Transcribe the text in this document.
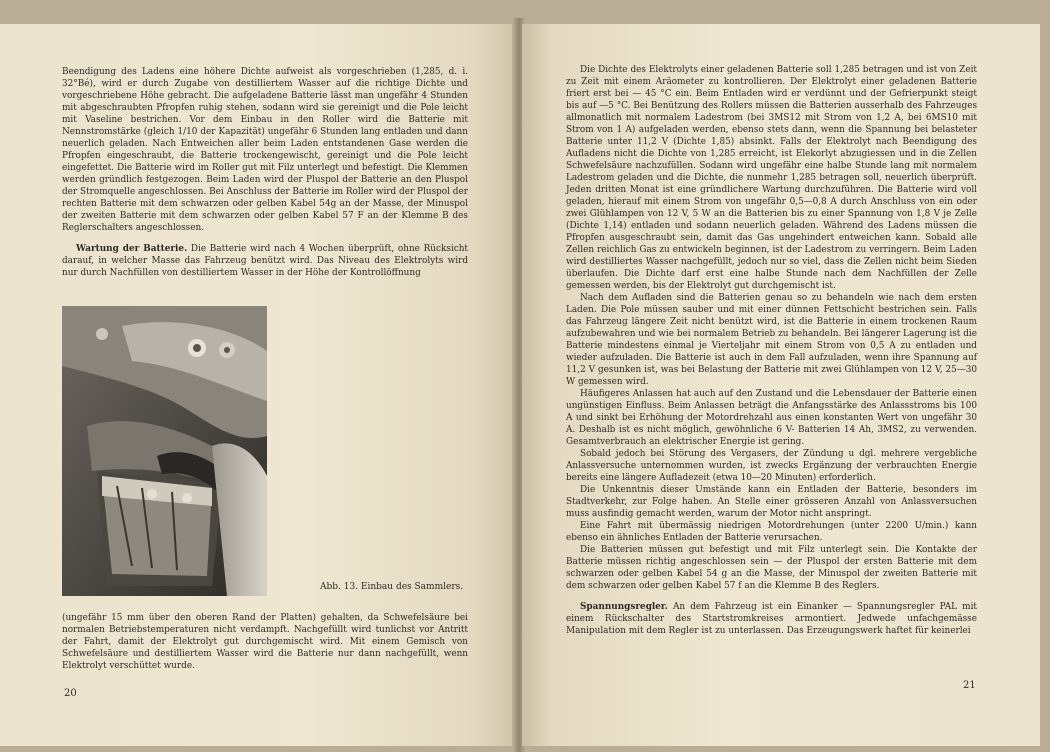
Beendigung des Ladens eine höhere Dichte aufweist als vorgeschrieben (1,285, d. i. 32°Bé), wird er durch Zugabe von destilliertem Wasser auf die richtige Dichte und vorgeschriebene Höhe gebracht. Die aufgeladene Batterie lässt man ungefähr 4 Stunden mit abgeschraubten Pfropfen ruhig stehen, sodann wird sie gereinigt und die Pole leicht mit Vaseline bestrichen. Vor dem Einbau in den Roller wird die Batterie mit Nennstromstärke (gleich 1/10 der Kapazität) ungefähr 6 Stunden lang entladen und dann neuerlich geladen. Nach Entweichen aller beim Laden entstandenen Gase werden die Pfropfen eingeschraubt, die Batterie trockengewischt, gereinigt und die Pole leicht eingefettet. Die Batterie wird im Roller gut mit Filz unterlegt und befestigt. Die Klemmen werden gründlich festgezogen. Beim Laden wird der Pluspol der Batterie an den Pluspol der Stromquelle angeschlossen. Bei Anschluss der Batterie im Roller wird der Pluspol der rechten Batterie mit dem schwarzen oder gelben Kabel 54g an der Masse, der Minuspol der zweiten Batterie mit dem schwarzen oder gelben Kabel 57 F an der Klemme B des Reglerschalters angeschlossen.

Wartung der Batterie. Die Batterie wird nach 4 Wochen überprüft, ohne Rücksicht darauf, in welcher Masse das Fahrzeug benützt wird. Das Niveau des Elektrolyts wird nur durch Nachfüllen von destilliertem Wasser in der Höhe der Kontrollöffnung

Abb. 13. Einbau des Sammlers.

(ungefähr 15 mm über den oberen Rand der Platten) gehalten, da Schwefelsäure bei normalen Betriebstemperaturen nicht verdampft. Nachgefüllt wird tunlichst vor Antritt der Fahrt, damit der Elektrolyt gut durchgemischt wird. Mit einem Gemisch von Schwefelsäure und destilliertem Wasser wird die Batterie nur dann nachgefüllt, wenn Elektrolyt verschüttet wurde.

20

Die Dichte des Elektrolyts einer geladenen Batterie soll 1,285 betragen und ist von Zeit zu Zeit mit einem Aräometer zu kontrollieren. Der Elektrolyt einer geladenen Batterie friert erst bei — 45 °C ein. Beim Entladen wird er verdünnt und der Gefrierpunkt steigt bis auf —5 °C. Bei Benützung des Rollers müssen die Batterien ausserhalb des Fahrzeuges allmonatlich mit normalem Ladestrom (bei 3MS12 mit Strom von 1,2 A, bei 6MS10 mit Strom von 1 A) aufgeladen werden, ebenso stets dann, wenn die Spannung bei belasteter Batterie unter 11,2 V (Dichte 1,85) absinkt. Falls der Elektrolyt nach Beendigung des Aufladens nicht die Dichte von 1,285 erreicht, ist Elekorlyt abzugiessen und in die Zellen Schwefelsäure nachzufüllen. Sodann wird ungefähr eine halbe Stunde lang mit normalem Ladestrom geladen und die Dichte, die nunmehr 1,285 betragen soll, neuerlich überprüft. Jeden dritten Monat ist eine gründlichere Wartung durchzuführen. Die Batterie wird voll geladen, hierauf mit einem Strom von ungefähr 0,5—0,8 A durch Anschluss von ein oder zwei Glühlampen von 12 V, 5 W an die Batterien bis zu einer Spannung von 1,8 V je Zelle (Dichte 1,14) entladen und sodann neuerlich geladen. Während des Ladens müssen die Pfropfen ausgeschraubt sein, damit das Gas ungehindert entweichen kann. Sobald alle Zellen reichlich Gas zu entwickeln beginnen, ist der Ladestrom zu verringern. Beim Laden wird destilliertes Wasser nachgefüllt, jedoch nur so viel, dass die Zellen nicht beim Sieden überlaufen. Die Dichte darf erst eine halbe Stunde nach dem Nachfüllen der Zelle gemessen werden, bis der Elektrolyt gut durchgemischt ist.

Nach dem Aufladen sind die Batterien genau so zu behandeln wie nach dem ersten Laden. Die Pole müssen sauber und mit einer dünnen Fettschicht bestrichen sein. Falls das Fahrzeug längere Zeit nicht benützt wird, ist die Batterie in einem trockenen Raum aufzubewahren und wie bei normalem Betrieb zu behandeln. Bei längerer Lagerung ist die Batterie mindestens einmal je Vierteljahr mit einem Strom von 0,5 A zu entladen und wieder aufzuladen. Die Batterie ist auch in dem Fall aufzuladen, wenn ihre Spannung auf 11,2 V gesunken ist, was bei Belastung der Batterie mit zwei Glühlampen von 12 V, 25—30 W gemessen wird.

Häufigeres Anlassen hat auch auf den Zustand und die Lebensdauer der Batterie einen ungünstigen Einfluss. Beim Anlassen beträgt die Anfangsstärke des Anlassstroms bis 100 A und sinkt bei Erhöhung der Motordrehzahl aus einen konstanten Wert von ungefähr 30 A. Deshalb ist es nicht möglich, gewöhnliche 6 V- Batterien 14 Ah, 3MS2, zu verwenden. Gesamtverbrauch an elektrischer Energie ist gering.

Sobald jedoch bei Störung des Vergasers, der Zündung u dgl. mehrere vergebliche Anlassversuche unternommen wurden, ist zwecks Ergänzung der verbrauchten Energie bereits eine längere Aufladezeit (etwa 10—20 Minuten) erforderlich.

Die Unkenntnis dieser Umstände kann ein Entladen der Batterie, besonders im Stadtverkehr, zur Folge haben. An Stelle einer grösseren Anzahl von Anlassversuchen muss ausfindig gemacht werden, warum der Motor nicht anspringt.

Eine Fahrt mit übermässig niedrigen Motordrehungen (unter 2200 U/min.) kann ebenso ein ähnliches Entladen der Batterie verursachen.

Die Batterien müssen gut befestigt und mit Filz unterlegt sein. Die Kontakte der Batterie müssen richtig angeschlossen sein — der Pluspol der ersten Batterie mit dem schwarzen oder gelben Kabel 54 g an die Masse, der Minuspol der zweiten Batterie mit dem schwarzen oder gelben Kabel 57 f an die Klemme B des Reglers.

Spannungsregler. An dem Fahrzeug ist ein Einanker — Spannungsregler PAL mit einem Rückschalter des Startstromkreises armontiert. Jedwede unfachgemässe Manipulation mit dem Regler ist zu unterlassen. Das Erzeugungswerk haftet für keinerlei

21
